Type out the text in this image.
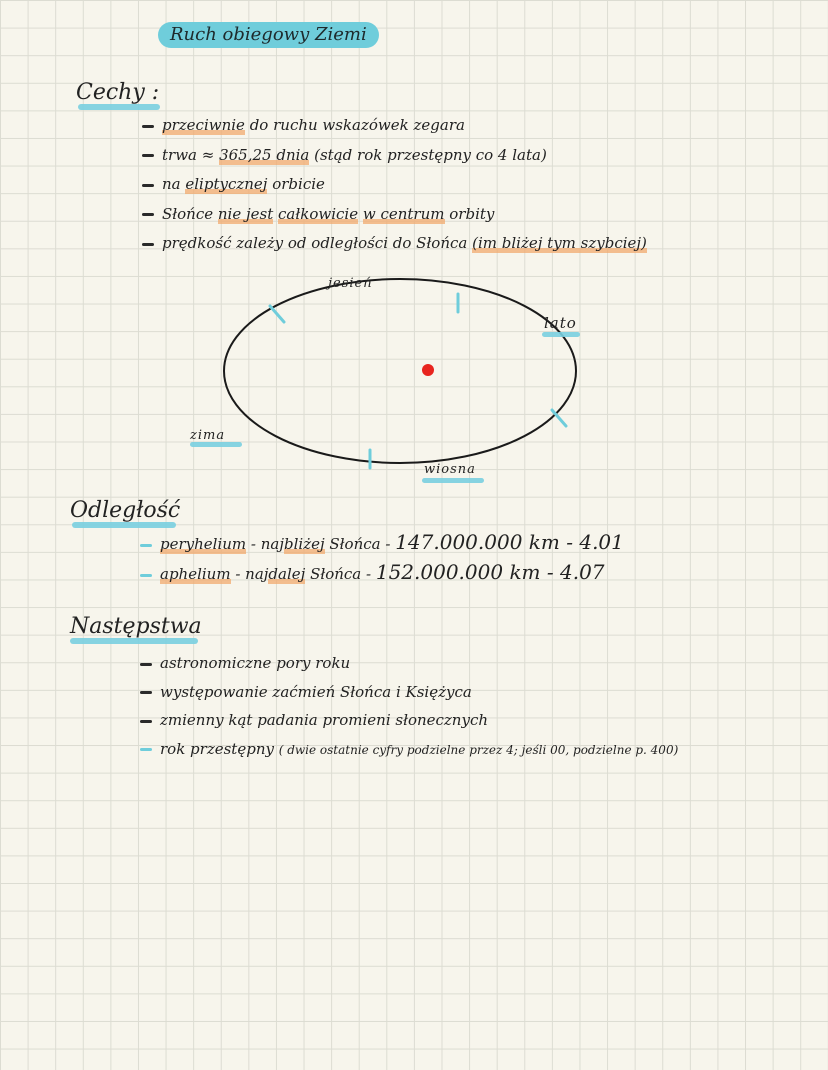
Ruch obiegowy Ziemi
Cechy :
przeciwnie do ruchu wskazówek zegara
trwa ≈ 365,25 dnia (stąd rok przestępny co 4 lata)
na eliptycznej orbicie
Słońce nie jest całkowicie w centrum orbity
prędkość zależy od odległości do Słońca (im bliżej tym szybciej)
jesień
lato
zima
wiosna
Odległość
peryhelium - najbliżej Słońca - 147.000.000 km - 4.01
aphelium - najdalej Słońca - 152.000.000 km - 4.07
Następstwa
astronomiczne pory roku
występowanie zaćmień Słońca i Księżyca
zmienny kąt padania promieni słonecznych
rok przestępny ( dwie ostatnie cyfry podzielne przez 4; jeśli 00, podzielne p. 400)
